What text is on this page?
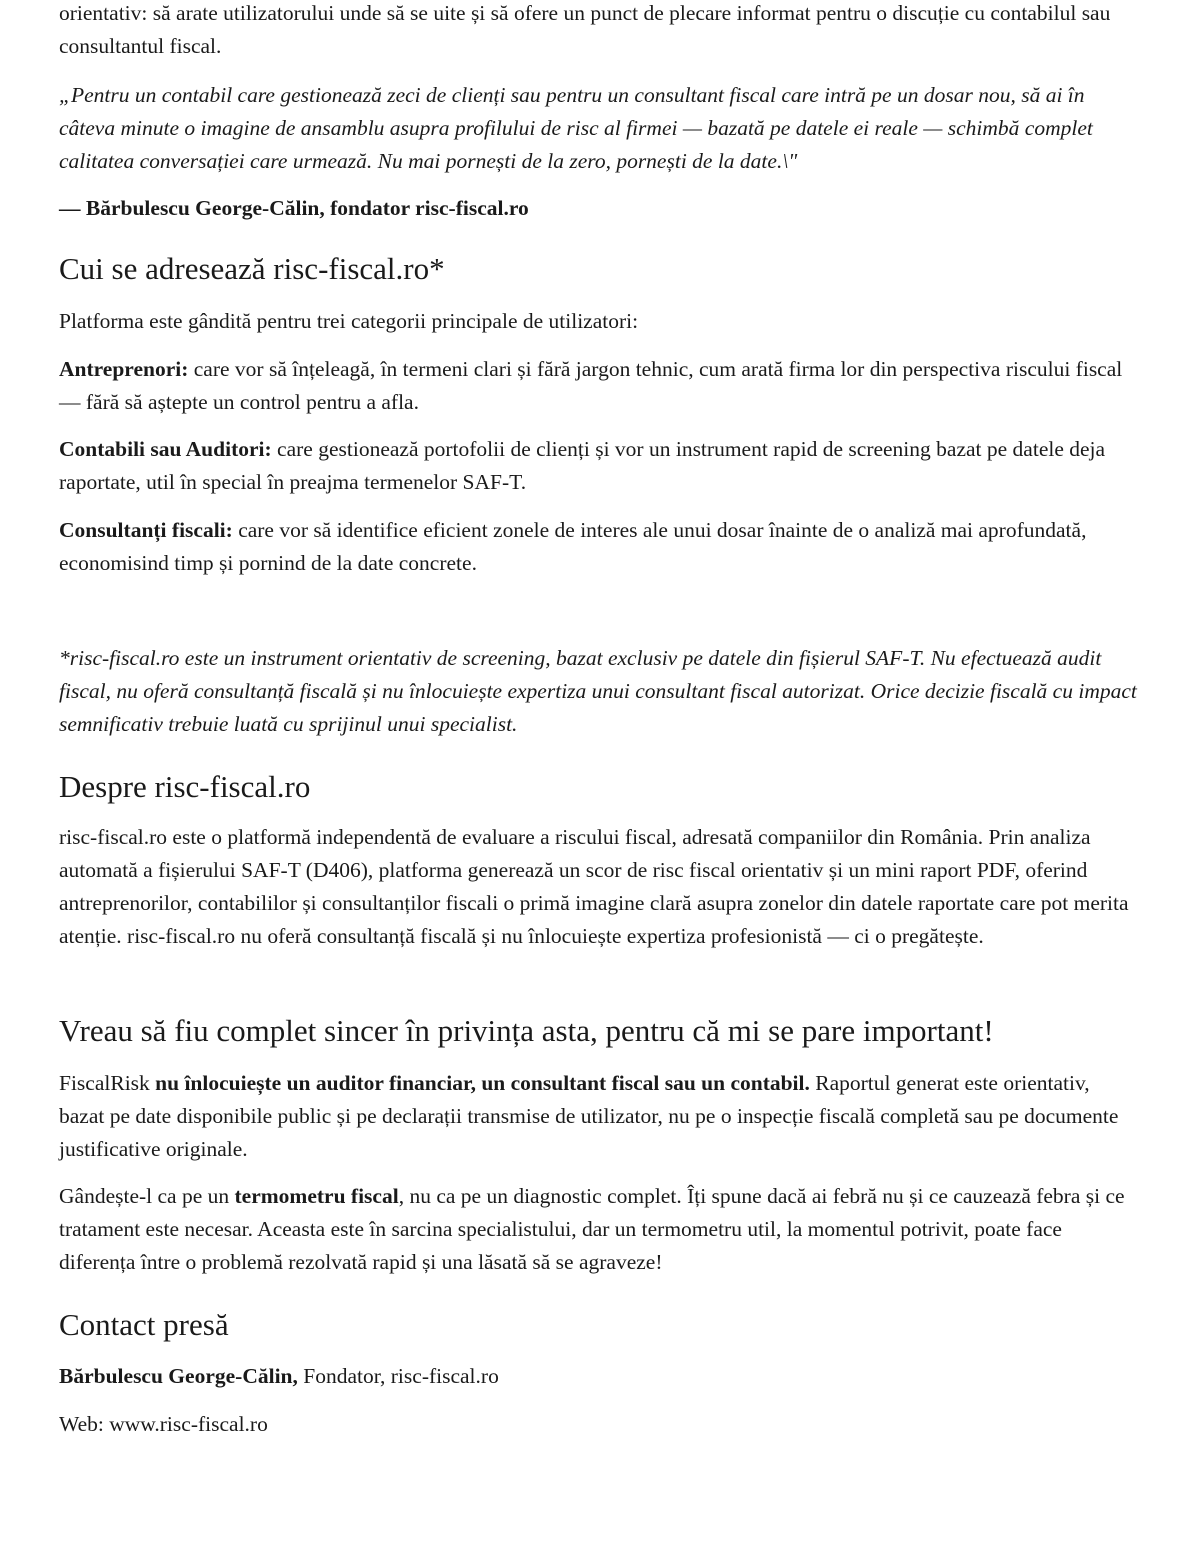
orientativ: să arate utilizatorului unde să se uite și să ofere un punct de plecare informat pentru o discuție cu contabilul sau consultantul fiscal.

„Pentru un contabil care gestionează zeci de clienți sau pentru un consultant fiscal care intră pe un dosar nou, să ai în câteva minute o imagine de ansamblu asupra profilului de risc al firmei — bazată pe datele ei reale — schimbă complet calitatea conversației care urmează. Nu mai pornești de la zero, pornești de la date.\"

— Bărbulescu George-Călin, fondator risc-fiscal.ro

Cui se adresează risc-fiscal.ro*

Platforma este gândită pentru trei categorii principale de utilizatori:

Antreprenori: care vor să înțeleagă, în termeni clari și fără jargon tehnic, cum arată firma lor din perspectiva riscului fiscal — fără să aștepte un control pentru a afla.

Contabili sau Auditori: care gestionează portofolii de clienți și vor un instrument rapid de screening bazat pe datele deja raportate, util în special în preajma termenelor SAF-T.

Consultanți fiscali: care vor să identifice eficient zonele de interes ale unui dosar înainte de o analiză mai aprofundată, economisind timp și pornind de la date concrete.

*risc-fiscal.ro este un instrument orientativ de screening, bazat exclusiv pe datele din fișierul SAF-T. Nu efectuează audit fiscal, nu oferă consultanță fiscală și nu înlocuiește expertiza unui consultant fiscal autorizat. Orice decizie fiscală cu impact semnificativ trebuie luată cu sprijinul unui specialist.

Despre risc-fiscal.ro

risc-fiscal.ro este o platformă independentă de evaluare a riscului fiscal, adresată companiilor din România. Prin analiza automată a fișierului SAF-T (D406), platforma generează un scor de risc fiscal orientativ și un mini raport PDF, oferind antreprenorilor, contabililor și consultanților fiscali o primă imagine clară asupra zonelor din datele raportate care pot merita atenție. risc-fiscal.ro nu oferă consultanță fiscală și nu înlocuiește expertiza profesionistă — ci o pregătește.

Vreau să fiu complet sincer în privința asta, pentru că mi se pare important!

FiscalRisk nu înlocuiește un auditor financiar, un consultant fiscal sau un contabil. Raportul generat este orientativ, bazat pe date disponibile public și pe declarații transmise de utilizator, nu pe o inspecție fiscală completă sau pe documente justificative originale.

Gândește-l ca pe un termometru fiscal, nu ca pe un diagnostic complet. Îți spune dacă ai febră nu și ce cauzează febra și ce tratament este necesar. Aceasta este în sarcina specialistului, dar un termometru util, la momentul potrivit, poate face diferența între o problemă rezolvată rapid și una lăsată să se agraveze!

Contact presă

Bărbulescu George-Călin, Fondator, risc-fiscal.ro

Web: www.risc-fiscal.ro
